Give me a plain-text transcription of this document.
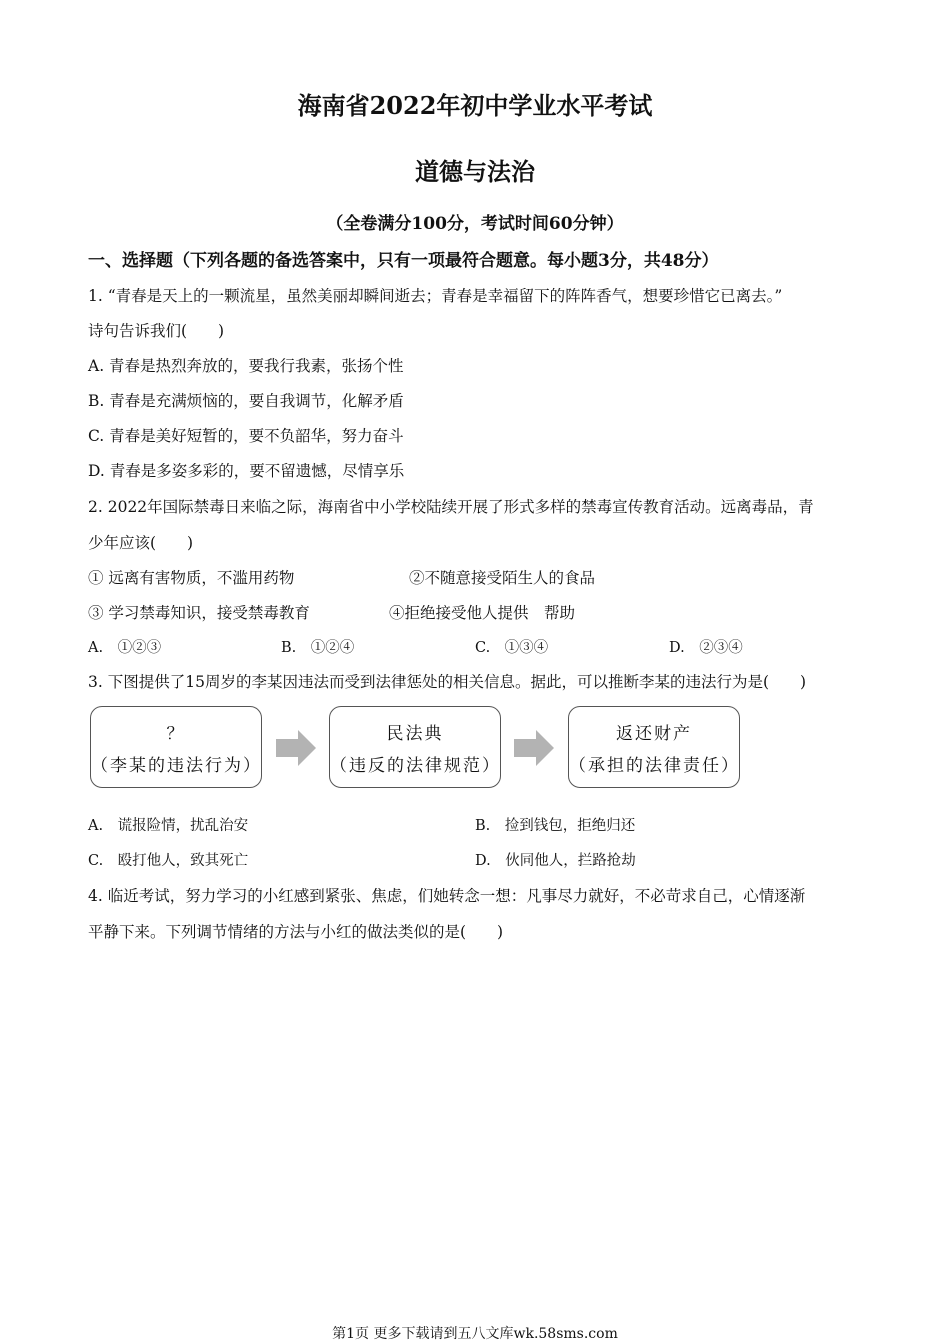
海南省2022年初中学业水平考试
道德与法治
（全卷满分100分，考试时间60分钟）
一、选择题（下列各题的备选答案中，只有一项最符合题意。每小题3分，共48分）
1. “青春是天上的一颗流星，虽然美丽却瞬间逝去；青春是幸福留下的阵阵香气，想要珍惜它已离去。”
诗句告诉我们(　　)
A. 青春是热烈奔放的，要我行我素，张扬个性
B. 青春是充满烦恼的，要自我调节，化解矛盾
C. 青春是美好短暂的，要不负韶华，努力奋斗
D. 青春是多姿多彩的，要不留遗憾，尽情享乐
2. 2022年国际禁毒日来临之际，海南省中小学校陆续开展了形式多样的禁毒宣传教育活动。远离毒品，青
少年应该(　　)
① 远离有害物质，不滥用药物	②不随意接受陌生人的食品
③ 学习禁毒知识，接受禁毒教育	④拒绝接受他人提供　帮助
A.　①②③	B.　①②④	C.　①③④	D.　②③④
3. 下图提供了15周岁的李某因违法而受到法律惩处的相关信息。据此，可以推断李某的违法行为是(　　)
？
（李某的违法行为）
民法典
（违反的法律规范）
返还财产
（承担的法律责任）
A.　谎报险情，扰乱治安	B.　捡到钱包，拒绝归还
C.　殴打他人，致其死亡	D.　伙同他人，拦路抢劫
4. 临近考试，努力学习的小红感到紧张、焦虑，们她转念一想：凡事尽力就好，不必苛求自己，心情逐渐
平静下来。下列调节情绪的方法与小红的做法类似的是(　　)
第1页 更多下载请到五八文库wk.58sms.com
